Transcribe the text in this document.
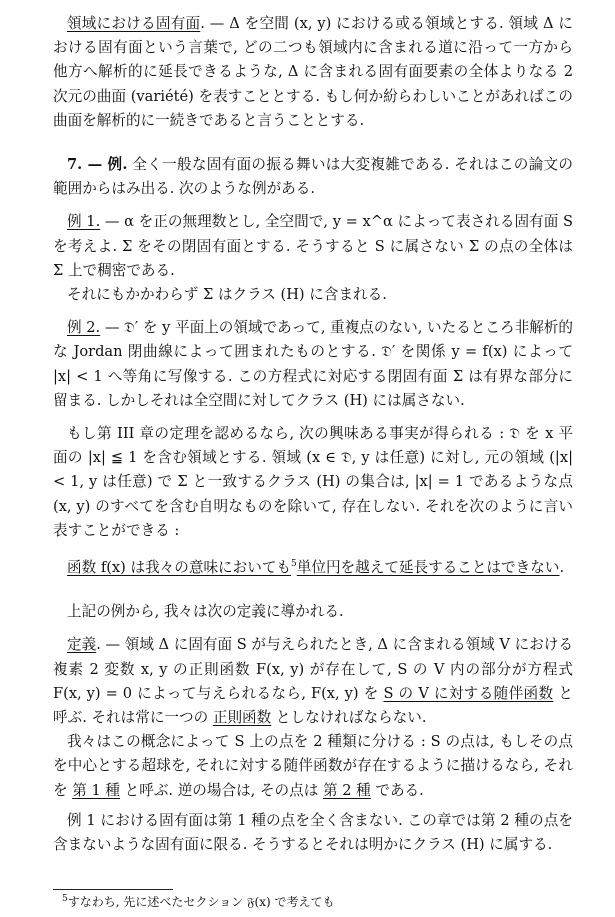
領域における固有面. — Δ を空間 (x, y) における或る領域とする. 領域 Δ における固有面という言葉で, どの二つも領域内に含まれる道に沿って一方から他方へ解析的に延長できるような, Δ に含まれる固有面要素の全体よりなる 2 次元の曲面 (variété) を表すこととする. もし何か紛らわしいことがあればこの曲面を解析的に一続きであると言うこととする.

7. — 例. 全く一般な固有面の振る舞いは大変複雑である. それはこの論文の範囲からはみ出る. 次のような例がある.

例 1. — α を正の無理数とし, 全空間で, y = x^α によって表される固有面 S を考えよ. Σ をその閉固有面とする. そうすると S に属さない Σ の点の全体は Σ 上で稠密である.

それにもかかわらず Σ はクラス (H) に含まれる.

例 2. — 𝔇′ を y 平面上の領域であって, 重複点のない, いたるところ非解析的な Jordan 閉曲線によって囲まれたものとする. 𝔇′ を関係 y = f(x) によって |x| < 1 へ等角に写像する. この方程式に対応する閉固有面 Σ は有界な部分に留まる. しかしそれは全空間に対してクラス (H) には属さない.

もし第 III 章の定理を認めるなら, 次の興味ある事実が得られる : 𝔇 を x 平面の |x| ≦ 1 を含む領域とする. 領域 (x ∈ 𝔇, y は任意) に対し, 元の領域 (|x| < 1, y は任意) で Σ と一致するクラス (H) の集合は, |x| = 1 であるような点 (x, y) のすべてを含む自明なものを除いて, 存在しない. それを次のように言い表すことができる :

函数 f(x) は我々の意味においても$^5$単位円を越えて延長することはできない.

上記の例から, 我々は次の定義に導かれる.

定義. — 領域 Δ に固有面 S が与えられたとき, Δ に含まれる領域 V における複素 2 変数 x, y の正則函数 F(x, y) が存在して, S の V 内の部分が方程式 F(x, y) = 0 によって与えられるなら, F(x, y) を S の V に対する随伴函数 と呼ぶ. それは常に一つの 正則函数 としなければならない.

我々はこの概念によって S 上の点を 2 種類に分ける : S の点は, もしその点を中心とする超球を, それに対する随伴函数が存在するように描けるなら, それを 第 1 種 と呼ぶ. 逆の場合は, その点は 第 2 種 である.

例 1 における固有面は第 1 種の点を全く含まない. この章では第 2 種の点を含まないような固有面に限る. そうするとそれは明かにクラス (H) に属する.

$^5$すなわち, 先に述べたセクション 𝔉(x) で考えても
